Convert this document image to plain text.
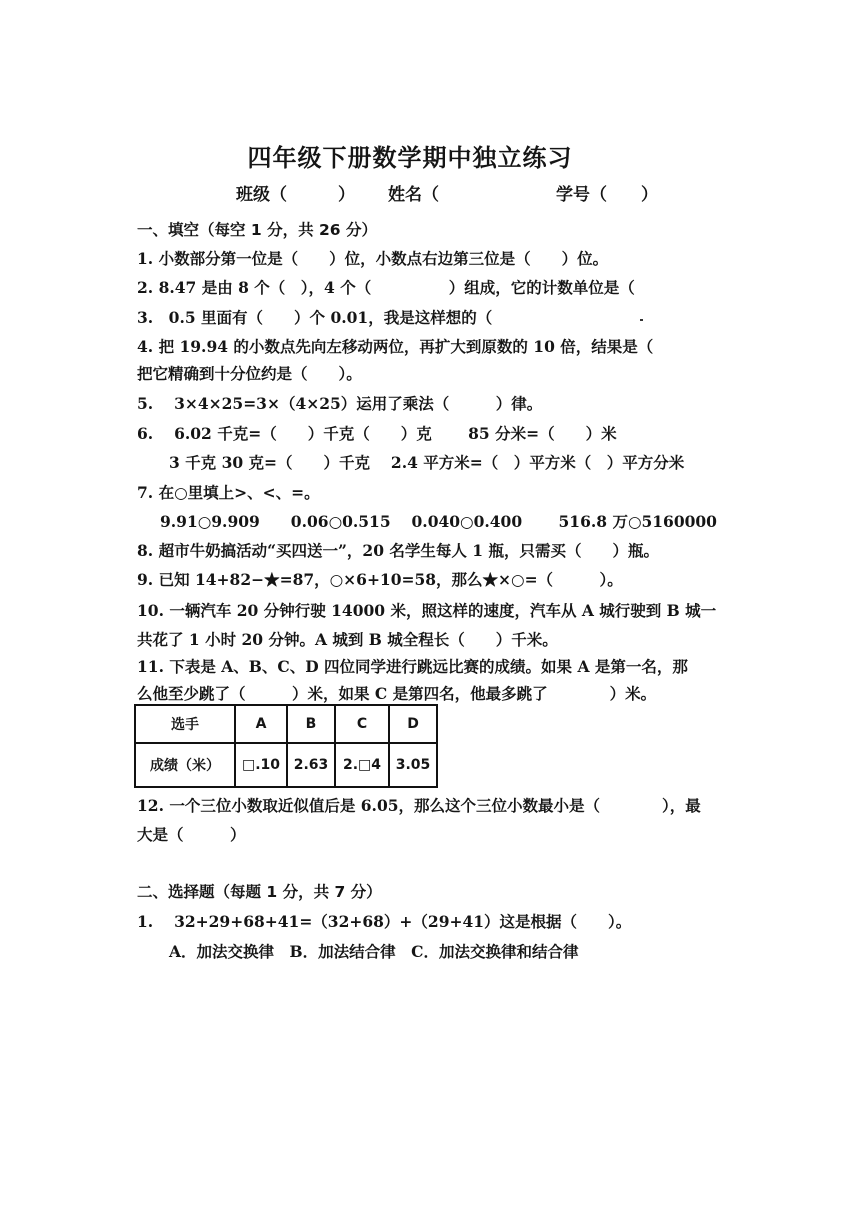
四年级下册数学期中独立练习
班级（　　　） 姓名（	学号（　　）
一、填空（每空 1 分，共 26 分）
1. 小数部分第一位是（　　）位，小数点右边第三位是（　　）位。
2. 8.47 是由 8 个（　），4 个（　　　　　）组成，它的计数单位是（
3.　0.5 里面有（　　）个 0.01，我是这样想的（
4. 把 19.94 的小数点先向左移动两位，再扩大到原数的 10 倍，结果是（
把它精确到十分位约是（　　）。
5.　 3×4×25=3×（4×25）运用了乘法（　　　）律。
6.　 6.02 千克=（　　）千克（　　）克　　 85 分米=（　　）米
3 千克 30 克=（　　）千克　 2.4 平方米=（　）平方米（　）平方分米
7. 在○里填上>、<、=。
9.91○9.909　　0.06○0.515　 0.040○0.400　　 516.8 万○5160000
8. 超市牛奶搞活动“买四送一”，20 名学生每人 1 瓶，只需买（　　）瓶。
9. 已知 14+82−★=87，○×6+10=58，那么★×○=（　　　）。
10. 一辆汽车 20 分钟行驶 14000 米，照这样的速度，汽车从 A 城行驶到 B 城一
共花了 1 小时 20 分钟。A 城到 B 城全程长（　　）千米。
11. 下表是 A、B、C、D 四位同学进行跳远比赛的成绩。如果 A 是第一名，那
么他至少跳了（　　　）米，如果 C 是第四名，他最多跳了　　　　）米。
选手	A	B	C	D
成绩（米）	□.10	2.63	2.□4	3.05
12. 一个三位小数取近似值后是 6.05，那么这个三位小数最小是（　　　　），最
大是（　　　）
二、选择题（每题 1 分，共 7 分）
1.　 32+29+68+41=（32+68）+（29+41）这是根据（　　）。
A．加法交换律　B．加法结合律　C．加法交换律和结合律
